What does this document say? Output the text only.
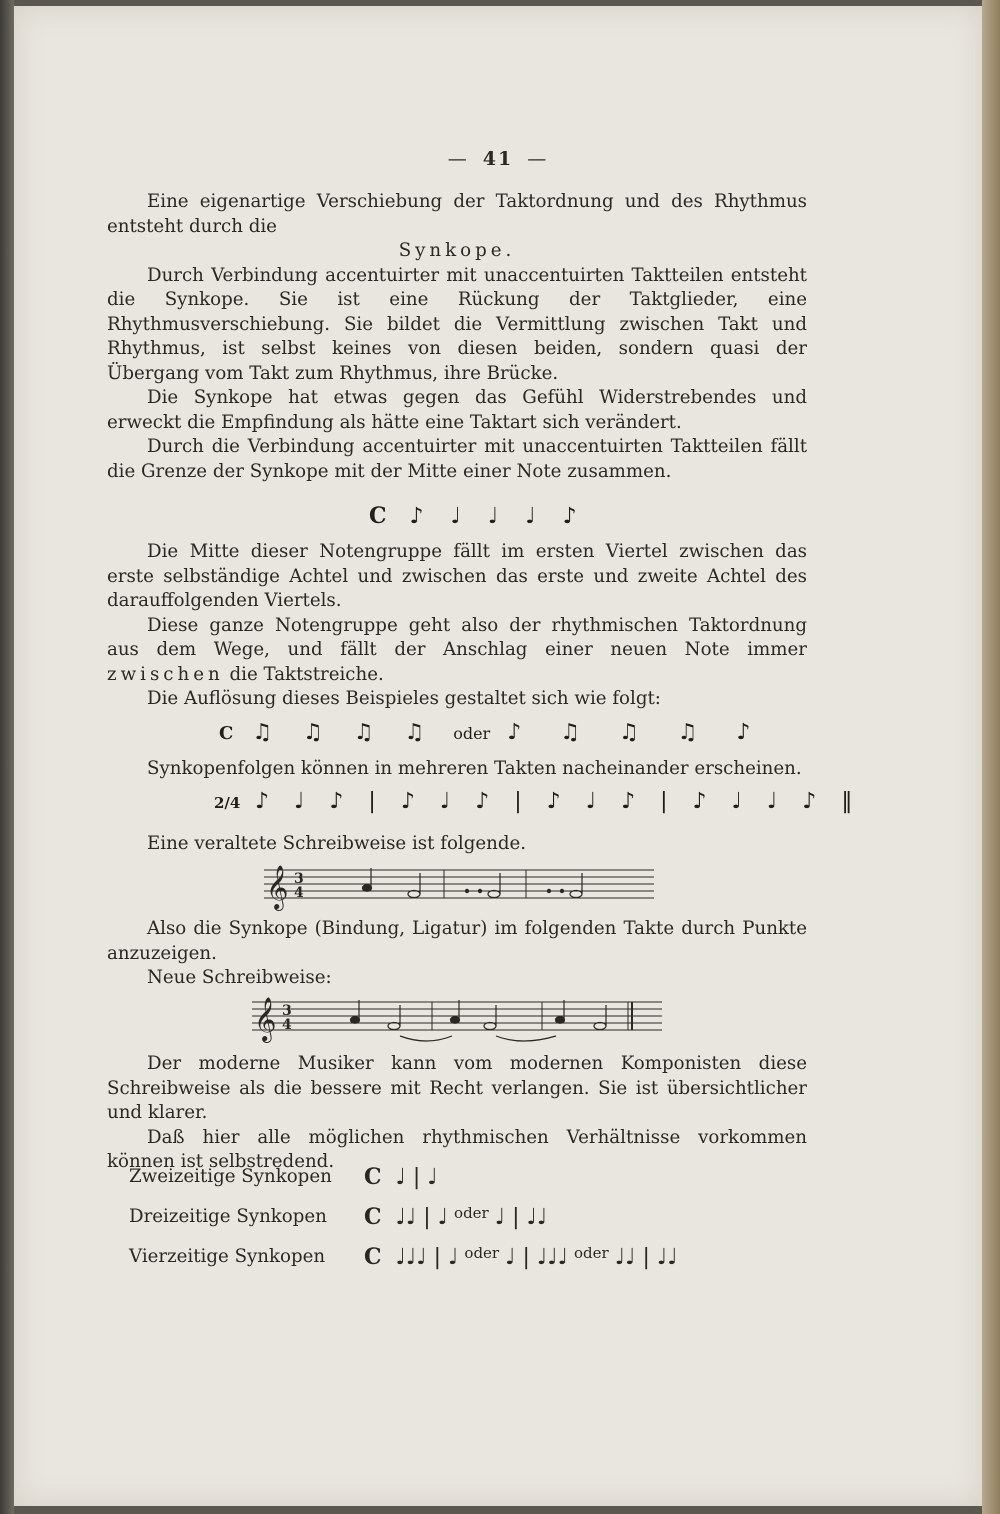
— 41 —

Eine eigenartige Verschiebung der Taktordnung und des Rhythmus entsteht durch die

Synkope.

Durch Verbindung accentuirter mit unaccentuirten Taktteilen entsteht die Synkope. Sie ist eine Rückung der Taktglieder, eine Rhythmusverschiebung. Sie bildet die Vermittlung zwischen Takt und Rhythmus, ist selbst keines von diesen beiden, sondern quasi der Übergang vom Takt zum Rhythmus, ihre Brücke.

Die Synkope hat etwas gegen das Gefühl Widerstrebendes und erweckt die Empfindung als hätte eine Taktart sich verändert.

Durch die Verbindung accentuirter mit unaccentuirten Taktteilen fällt die Grenze der Synkope mit der Mitte einer Note zusammen.

C ♪ ♩ ♩ ♩ ♪

Die Mitte dieser Notengruppe fällt im ersten Viertel zwischen das erste selbständige Achtel und zwischen das erste und zweite Achtel des darauffolgenden Viertels.

Diese ganze Notengruppe geht also der rhythmischen Taktordnung aus dem Wege, und fällt der Anschlag einer neuen Note immer zwischen die Taktstreiche.

Die Auflösung dieses Beispieles gestaltet sich wie folgt:

C ♫ ♫ ♫ ♫ oder ♪ ♫ ♫ ♫ ♪

Synkopenfolgen können in mehreren Takten nacheinander erscheinen.

2/4 ♪ ♩ ♪ | ♪ ♩ ♪ | ♪ ♩ ♪ | ♪ ♩ ♩ ♪ ‖

Eine veraltete Schreibweise ist folgende.

𝄞 3
4

Also die Synkope (Bindung, Ligatur) im folgenden Takte durch Punkte anzuzeigen.

Neue Schreibweise:

𝄞 3
4

Der moderne Musiker kann vom modernen Komponisten diese Schreibweise als die bessere mit Recht verlangen. Sie ist übersichtlicher und klarer.

Daß hier alle möglichen rhythmischen Verhältnisse vorkommen können ist selbstredend.

Zweizeitige Synkopen C ♩ | ♩
Dreizeitige Synkopen C ♩♩ | ♩ $^{oder}$ ♩ | ♩♩
Vierzeitige Synkopen C ♩♩♩ | ♩ $^{oder}$ ♩ | ♩♩♩ $^{oder}$ ♩♩ | ♩♩
